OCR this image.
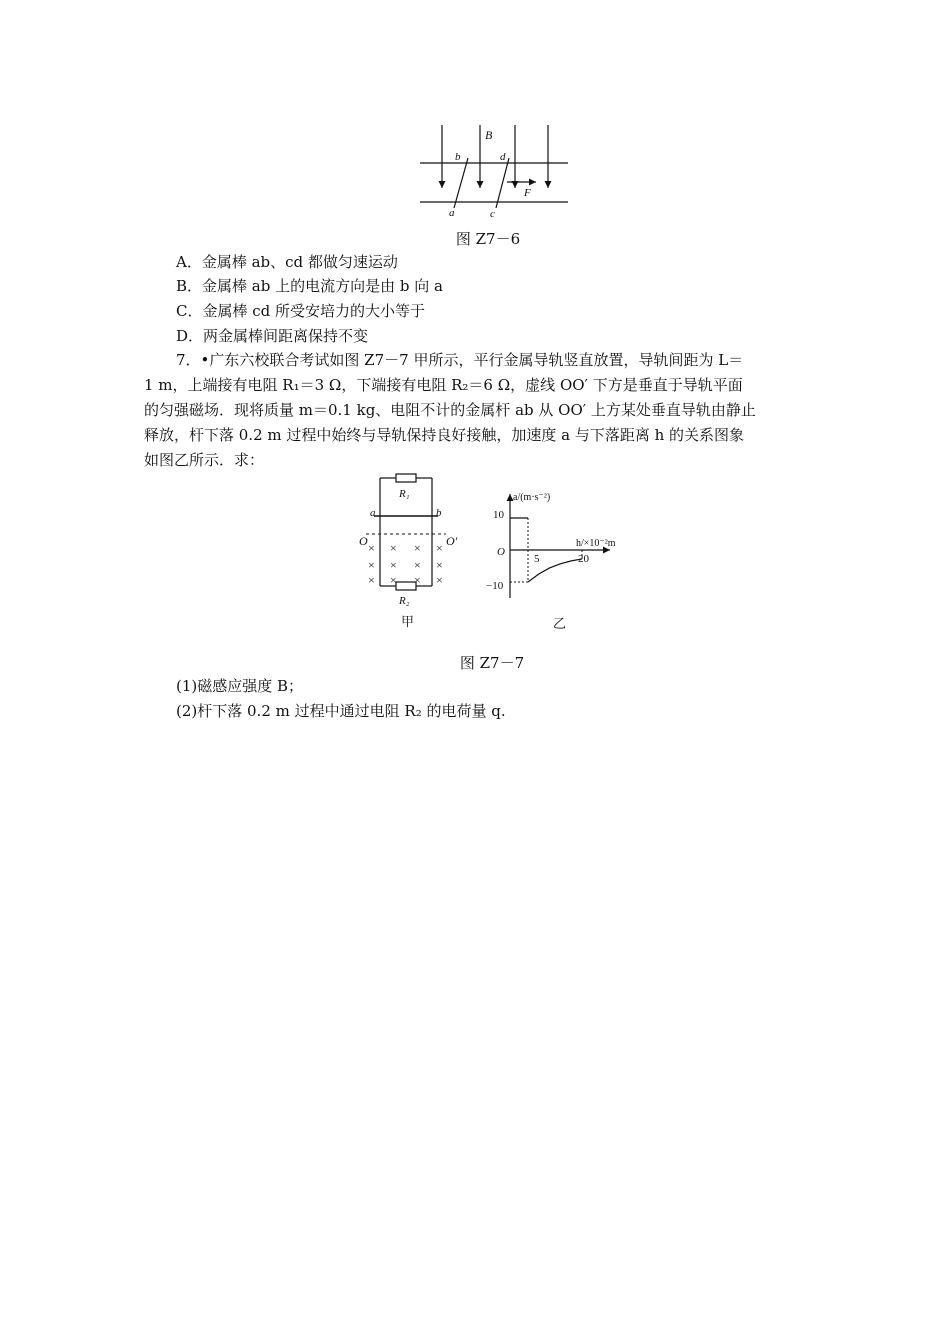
B
b	d
a	c
F
图 Z7－6
A．金属棒 ab、cd 都做匀速运动
B．金属棒 ab 上的电流方向是由 b 向 a
C．金属棒 cd 所受安培力的大小等于
D．两金属棒间距离保持不变
7．•广东六校联合考试如图 Z7－7 甲所示，平行金属导轨竖直放置，导轨间距为 L＝
1 m，上端接有电阻 R₁＝3 Ω，下端接有电阻 R₂＝6 Ω，虚线 OO′ 下方是垂直于导轨平面
的匀强磁场．现将质量 m＝0.1 kg、电阻不计的金属杆 ab 从 OO′ 上方某处垂直导轨由静止
释放，杆下落 0.2 m 过程中始终与导轨保持良好接触，加速度 a 与下落距离 h 的关系图象
如图乙所示．求：
R₁
R₂
a	b
O	O′
× × × ×
× × × ×
× × × ×
甲
a/(m·s⁻²)
h/×10⁻²m
O
10
−10
5	20
乙
图 Z7－7
(1)磁感应强度 B；
(2)杆下落 0.2 m 过程中通过电阻 R₂ 的电荷量 q.
